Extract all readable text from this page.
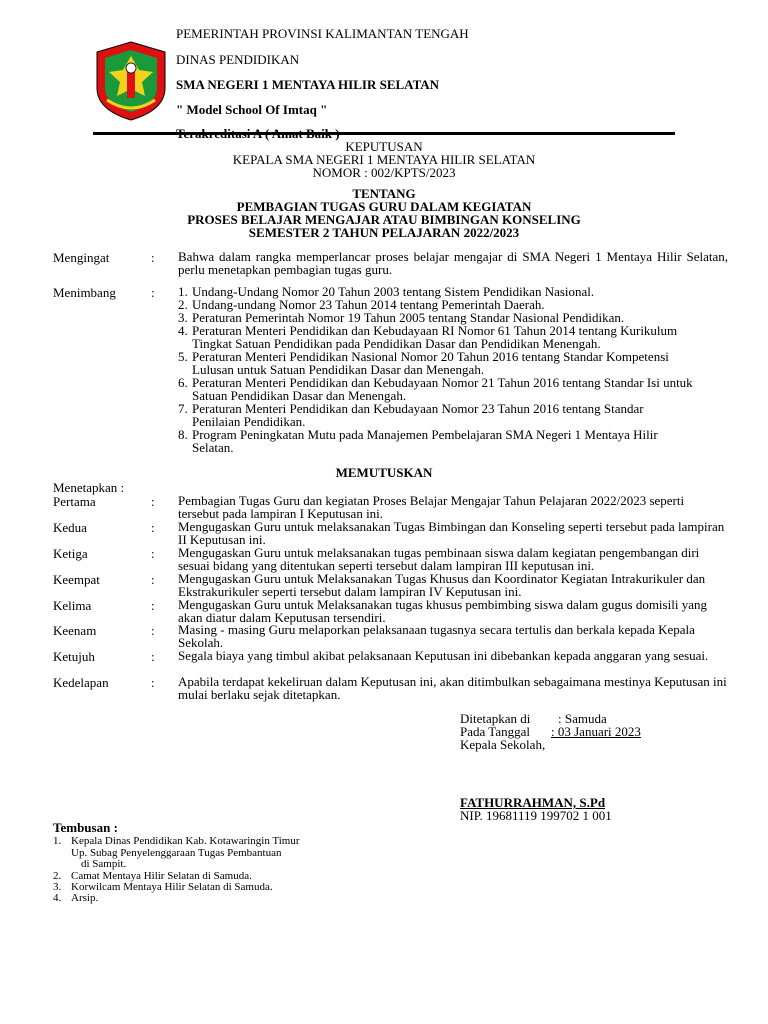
PEMERINTAH PROVINSI KALIMANTAN TENGAH
DINAS PENDIDIKAN
SMA NEGERI 1 MENTAYA HILIR SELATAN
" Model School Of Imtaq "
KEPUTUSAN
KEPALA SMA NEGERI 1 MENTAYA HILIR SELATAN
NOMOR : 002/KPTS/2023
TENTANG
PEMBAGIAN TUGAS GURU DALAM KEGIATAN
PROSES BELAJAR MENGAJAR ATAU BIMBINGAN KONSELING
SEMESTER 2 TAHUN PELAJARAN 2022/2023
Mengingat	: Bahwa dalam rangka memperlancar proses belajar mengajar di SMA Negeri 1 Mentaya Hilir Selatan, perlu menetapkan pembagian tugas guru.
Menimbang	: 1. Undang-Undang Nomor 20 Tahun 2003 tentang Sistem Pendidikan Nasional.
2. Undang-undang Nomor 23 Tahun 2014 tentang Pemerintah Daerah.
3. Peraturan Pemerintah Nomor 19 Tahun 2005 tentang Standar Nasional Pendidikan.
4. Peraturan Menteri Pendidikan dan Kebudayaan RI Nomor 61 Tahun 2014 tentang Kurikulum
Tingkat Satuan Pendidikan pada Pendidikan Dasar dan Pendidikan Menengah.
5. Peraturan Menteri Pendidikan Nasional Nomor 20 Tahun 2016 tentang Standar Kompetensi
Lulusan untuk Satuan Pendidikan Dasar dan Menengah.
6. Peraturan Menteri Pendidikan dan Kebudayaan Nomor 21 Tahun 2016 tentang Standar Isi untuk
Satuan Pendidikan Dasar dan Menengah.
7. Peraturan Menteri Pendidikan dan Kebudayaan Nomor 23 Tahun 2016 tentang Standar
Penilaian Pendidikan.
8. Program Peningkatan Mutu pada Manajemen Pembelajaran SMA Negeri 1 Mentaya Hilir
Selatan.
MEMUTUSKAN
Menetapkan :
Pertama	: Pembagian Tugas Guru dan kegiatan Proses Belajar Mengajar Tahun Pelajaran 2022/2023 seperti tersebut pada lampiran I Keputusan ini.
Kedua	: Mengugaskan Guru untuk melaksanakan Tugas Bimbingan dan Konseling seperti tersebut pada lampiran II Keputusan ini.
Ketiga	: Mengugaskan Guru untuk melaksanakan tugas pembinaan siswa dalam kegiatan pengembangan diri sesuai bidang yang ditentukan seperti tersebut dalam lampiran III keputusan ini.
Keempat	: Mengugaskan Guru untuk Melaksanakan Tugas Khusus dan Koordinator Kegiatan Intrakurikuler dan Ekstrakurikuler seperti tersebut dalam lampiran IV Keputusan ini.
Kelima	: Mengugaskan Guru untuk Melaksanakan tugas khusus pembimbing siswa dalam gugus domisili yang akan diatur dalam Keputusan tersendiri.
Keenam	: Masing - masing Guru melaporkan pelaksanaan tugasnya secara tertulis dan berkala kepada Kepala Sekolah.
Ketujuh	: Segala biaya yang timbul akibat pelaksanaan Keputusan ini dibebankan kepada anggaran yang sesuai.
Kedelapan	: Apabila terdapat kekeliruan dalam Keputusan ini, akan ditimbulkan sebagaimana mestinya Keputusan ini mulai berlaku sejak ditetapkan.
Ditetapkan di : Samuda
Pada Tanggal : 03 Januari 2023
Kepala Sekolah,
FATHURRAHMAN, S.Pd
NIP. 19681119 199702 1 001
Tembusan :
1. Kepala Dinas Pendidikan Kab. Kotawaringin Timur
Up. Subag Penyelenggaraan Tugas Pembantuan
di Sampit.
2. Camat Mentaya Hilir Selatan di Samuda.
3. Korwilcam Mentaya Hilir Selatan di Samuda.
4. Arsip.
